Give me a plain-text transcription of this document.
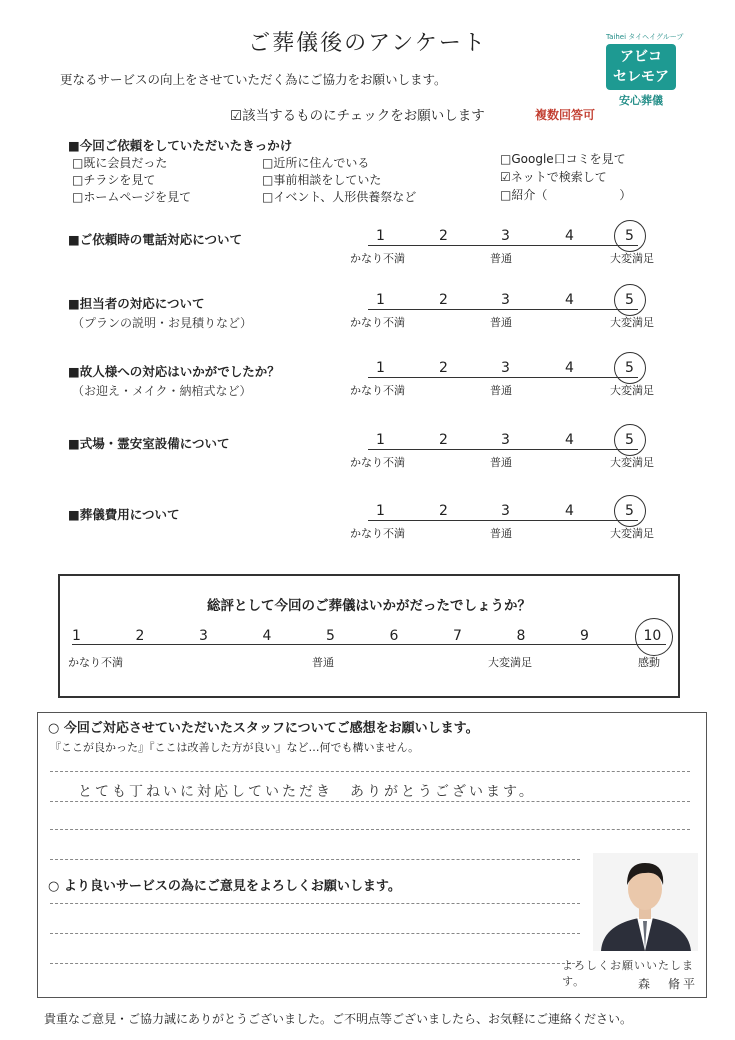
ご葬儀後のアンケート
更なるサービスの向上をさせていただく為にご協力をお願いします。
Taihei タイヘイグループ
アビコ
セレモア
安心葬儀
☑該当するものにチェックをお願いします	複数回答可
■今回ご依頼をしていただいたきっかけ
□既に会員だった
□チラシを見て
□ホームページを見て
□近所に住んでいる
□事前相談をしていた
□イベント、人形供養祭など
□Google口コミを見て
☑ネットで検索して
□紹介（　　　　　　）
■ご依頼時の電話対応について	1	2	3	4	5
かなり不満	普通	大変満足
■担当者の対応について
（プランの説明・お見積りなど）
1	2	3	4	5
かなり不満	普通	大変満足
■故人様への対応はいかがでしたか？
（お迎え・メイク・納棺式など）
1	2	3	4	5
かなり不満	普通	大変満足
■式場・霊安室設備について	1	2	3	4	5
かなり不満	普通	大変満足
■葬儀費用について	1	2	3	4	5
かなり不満	普通	大変満足
総評として今回のご葬儀はいかがだったでしょうか？
かなり不満	普通	大変満足	感動
1	2	3	4	5	6	7	8	9	10
○ 今回ご対応させていただいたスタッフについてご感想をお願いします。
『ここが良かった』『ここは改善した方が良い』など…何でも構いません。
とても丁ねいに対応していただき　ありがとうございます。
○ より良いサービスの為にご意見をよろしくお願いします。
よろしくお願いいたします。	森　脩平
貴重なご意見・ご協力誠にありがとうございました。ご不明点等ございましたら、お気軽にご連絡ください。
